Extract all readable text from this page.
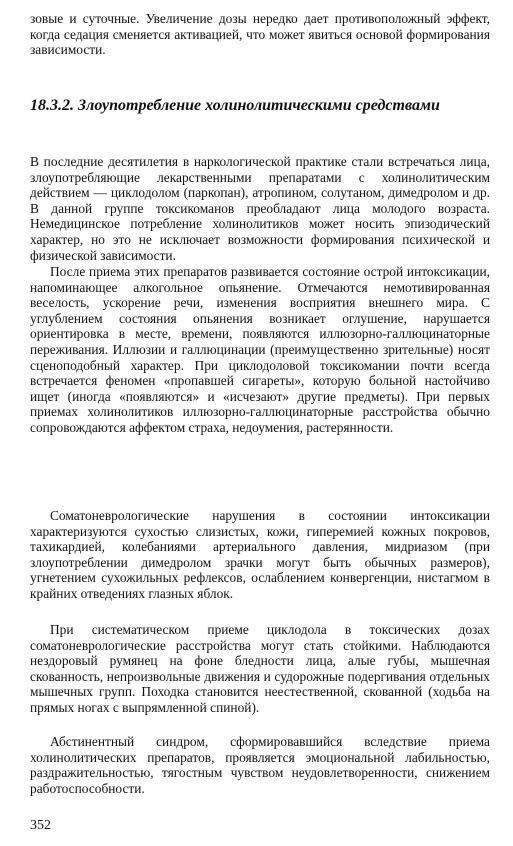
зовые и суточные. Увеличение дозы нередко дает противоположный эффект, когда седация сменяется активацией, что может явиться основой формирования зависимости.

18.3.2. Злоупотребление холинолитическими средствами

В последние десятилетия в наркологической практике стали встречаться лица, злоупотребляющие лекарственными препаратами с холинолитическим действием — циклодолом (паркопан), атропином, солутаном, димедролом и др. В данной группе токсикоманов преобладают лица молодого возраста. Немедицинское потребление холинолитиков может носить эпизодический характер, но это не исключает возможности формирования психической и физической зависимости.

После приема этих препаратов развивается состояние острой интоксикации, напоминающее алкогольное опьянение. Отмечаются немотивированная веселость, ускорение речи, изменения восприятия внешнего мира. С углублением состояния опьянения возникает оглушение, нарушается ориентировка в месте, времени, появляются иллюзорно-галлюцинаторные переживания. Иллюзии и галлюцинации (преимущественно зрительные) носят сценоподобный характер. При циклодоловой токсикомании почти всегда встречается феномен «пропавшей сигареты», которую больной настойчиво ищет (иногда «появляются» и «исчезают» другие предметы). При первых приемах холинолитиков иллюзорно-галлюцинаторные расстройства обычно сопровождаются аффектом страха, недоумения, растерянности.

Соматоневрологические нарушения в состоянии интоксикации характеризуются сухостью слизистых, кожи, гиперемией кожных покровов, тахикардией, колебаниями артериального давления, мидриазом (при злоупотреблении димедролом зрачки могут быть обычных размеров), угнетением сухожильных рефлексов, ослаблением конвергенции, нистагмом в крайних отведениях глазных яблок.

При систематическом приеме циклодола в токсических дозах соматоневрологические расстройства могут стать стойкими. Наблюдаются нездоровый румянец на фоне бледности лица, алые губы, мышечная скованность, непроизвольные движения и судорожные подергивания отдельных мышечных групп. Походка становится неестественной, скованной (ходьба на прямых ногах с выпрямленной спиной).

Абстинентный синдром, сформировавшийся вследствие приема холинолитических препаратов, проявляется эмоциональной лабильностью, раздражительностью, тягостным чувством неудовлетворенности, снижением работоспособности.

352
